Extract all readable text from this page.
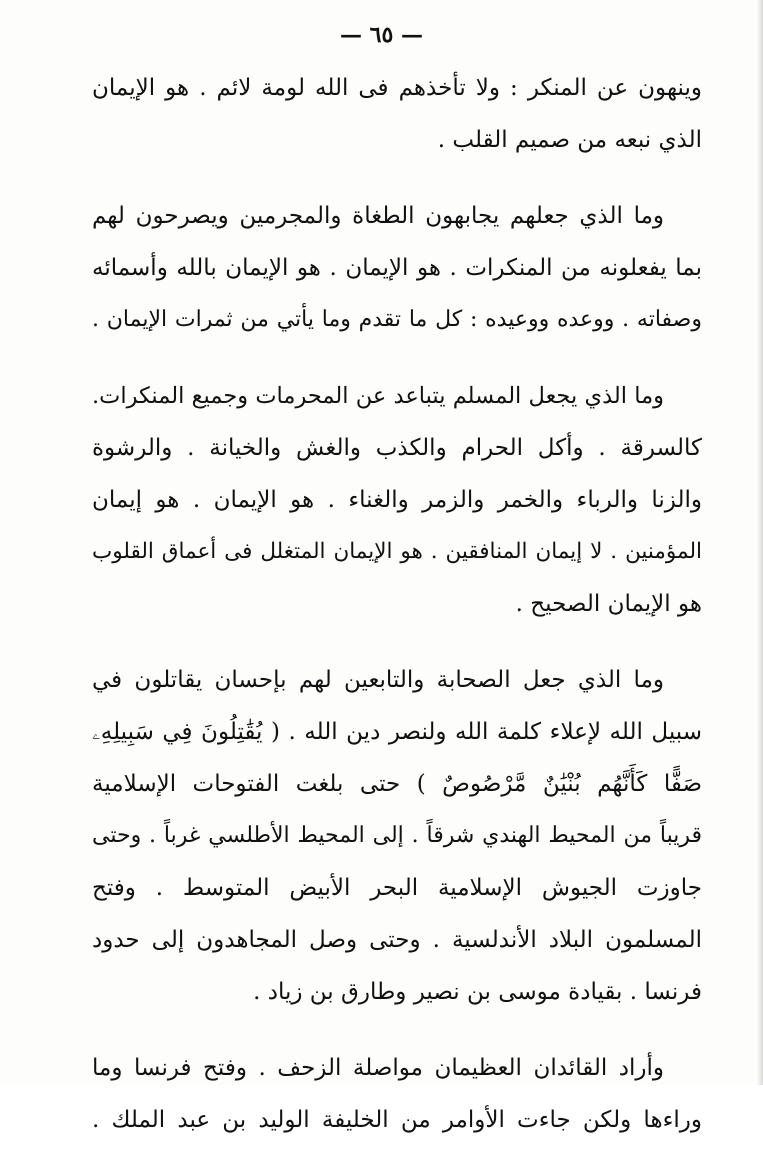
— ٦٥ —
وينهون عن المنكر : ولا تأخذهم فى الله لومة لائم . هو الإيمان
الذي نبعه من صميم القلب .
وما الذي جعلهم يجابهون الطغاة والمجرمين ويصرحون لهم
بما يفعلونه من المنكرات . هو الإيمان . هو الإيمان بالله وأسمائه
وصفاته . ووعده ووعيده : كل ما تقدم وما يأتي من ثمرات الإيمان .
وما الذي يجعل المسلم يتباعد عن المحرمات وجميع المنكرات.
كالسرقة . وأكل الحرام والكذب والغش والخيانة . والرشوة
والزنا والرباء والخمر والزمر والغناء . هو الإيمان . هو إيمان
المؤمنين . لا إيمان المنافقين . هو الإيمان المتغلل فى أعماق القلوب
هو الإيمان الصحيح .
وما الذي جعل الصحابة والتابعين لهم بإحسان يقاتلون في
سبيل الله لإعلاء كلمة الله ولنصر دين الله . ( يُقَٰتِلُونَ فِي سَبِيلِهِۦ
صَفًّا كَأَنَّهُم بُنْيَٰنٌ مَّرْصُوصٌ ) حتى بلغت الفتوحات الإسلامية
قريباً من المحيط الهندي شرقاً . إلى المحيط الأطلسي غرباً . وحتى
جاوزت الجيوش الإسلامية البحر الأبيض المتوسط . وفتح
المسلمون البلاد الأندلسية . وحتى وصل المجاهدون إلى حدود
فرنسا . بقيادة موسى بن نصير وطارق بن زياد .
وأراد القائدان العظيمان مواصلة الزحف . وفتح فرنسا وما
وراءها ولكن جاءت الأوامر من الخليفة الوليد بن عبد الملك .
